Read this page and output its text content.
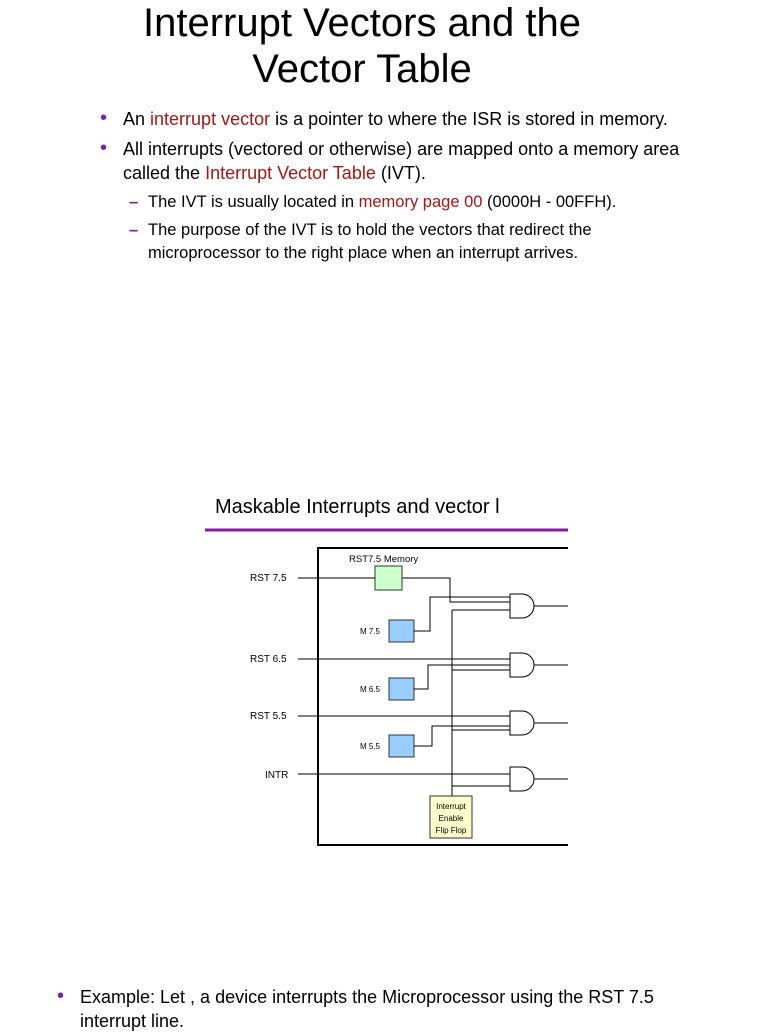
Interrupt Vectors and the
Vector Table
• An interrupt vector is a pointer to where the ISR is stored in memory.
• All interrupts (vectored or otherwise) are mapped onto a memory area called the Interrupt Vector Table (IVT).
– The IVT is usually located in memory page 00 (0000H - 00FFH).
– The purpose of the IVT is to hold the vectors that redirect the microprocessor to the right place when an interrupt arrives.
Maskable Interrupts and vector l
RST 7.5
RST 6.5
RST 5.5
INTR
RST7.5 Memory
M 7.5
M 6.5
M 5.5
Interrupt
Enable
Flip Flop
• Example: Let , a device interrupts the Microprocessor using the RST 7.5 interrupt line.
